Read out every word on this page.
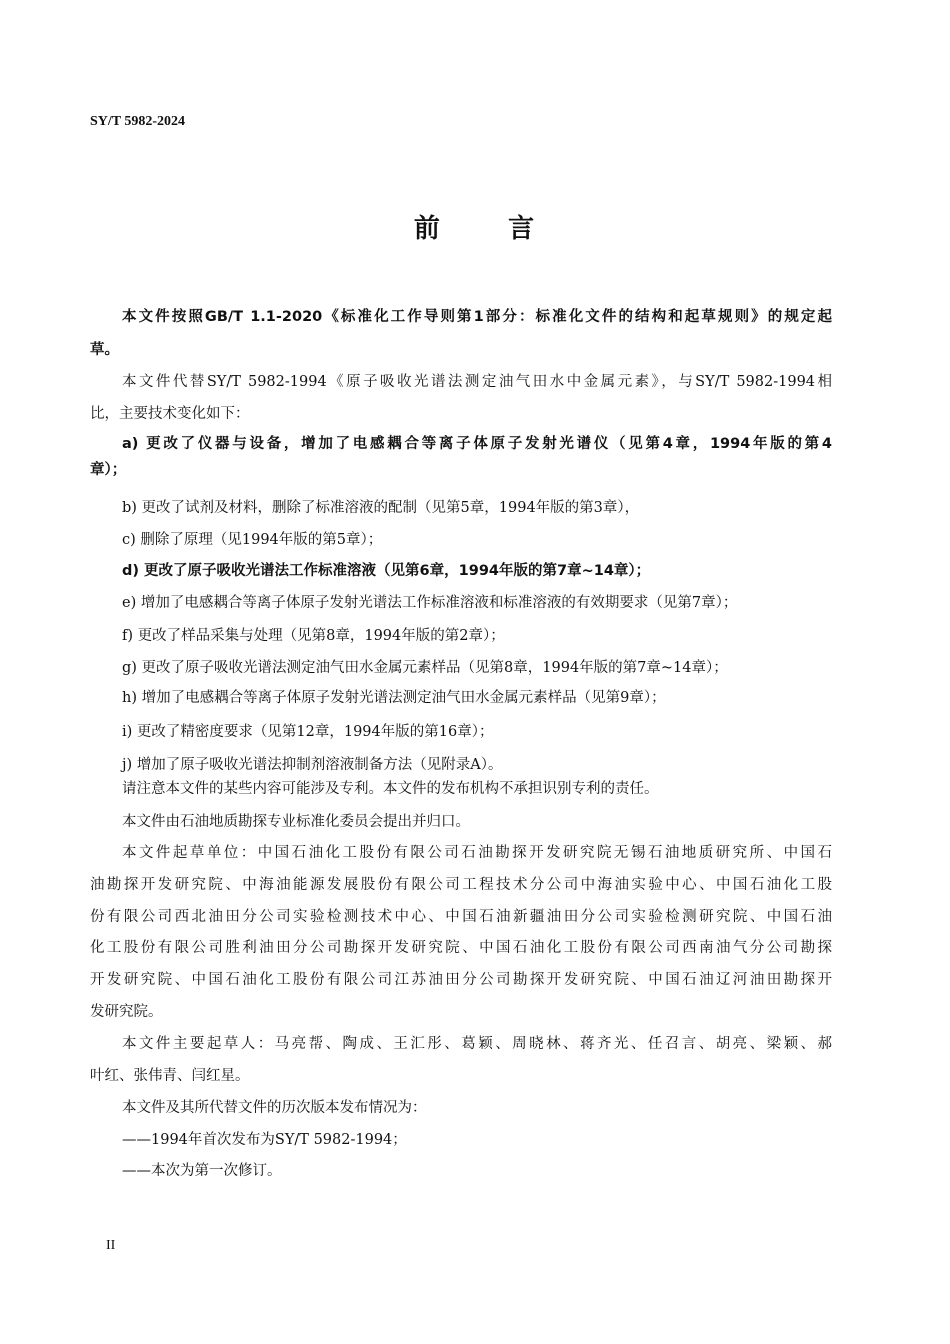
SY/T 5982-2024
前      言
本文件按照GB/T 1.1-2020《标准化工作导则第1部分：标准化文件的结构和起草规则》的规定起
草。
本文件代替SY/T 5982-1994《原子吸收光谱法测定油气田水中金属元素》，与SY/T 5982-1994相
比，主要技术变化如下：
a) 更改了仪器与设备，增加了电感耦合等离子体原子发射光谱仪（见第4章，1994年版的第4
章）；
b) 更改了试剂及材料，删除了标准溶液的配制（见第5章，1994年版的第3章），
c) 删除了原理（见1994年版的第5章）；
d) 更改了原子吸收光谱法工作标准溶液（见第6章，1994年版的第7章~14章）；
e) 增加了电感耦合等离子体原子发射光谱法工作标准溶液和标准溶液的有效期要求（见第7章）；
f) 更改了样品采集与处理（见第8章，1994年版的第2章）；
g) 更改了原子吸收光谱法测定油气田水金属元素样品（见第8章，1994年版的第7章~14章）；
h) 增加了电感耦合等离子体原子发射光谱法测定油气田水金属元素样品（见第9章）；
i) 更改了精密度要求（见第12章，1994年版的第16章）；
j) 增加了原子吸收光谱法抑制剂溶液制备方法（见附录A）。
请注意本文件的某些内容可能涉及专利。本文件的发布机构不承担识别专利的责任。
本文件由石油地质勘探专业标准化委员会提出并归口。
本文件起草单位：中国石油化工股份有限公司石油勘探开发研究院无锡石油地质研究所、中国石
油勘探开发研究院、中海油能源发展股份有限公司工程技术分公司中海油实验中心、中国石油化工股
份有限公司西北油田分公司实验检测技术中心、中国石油新疆油田分公司实验检测研究院、中国石油
化工股份有限公司胜利油田分公司勘探开发研究院、中国石油化工股份有限公司西南油气分公司勘探
开发研究院、中国石油化工股份有限公司江苏油田分公司勘探开发研究院、中国石油辽河油田勘探开
发研究院。
本文件主要起草人：马亮帮、陶成、王汇彤、葛颖、周晓林、蒋齐光、任召言、胡亮、梁颖、郝
叶红、张伟青、闫红星。
本文件及其所代替文件的历次版本发布情况为：
——1994年首次发布为SY/T 5982-1994；
——本次为第一次修订。
II
